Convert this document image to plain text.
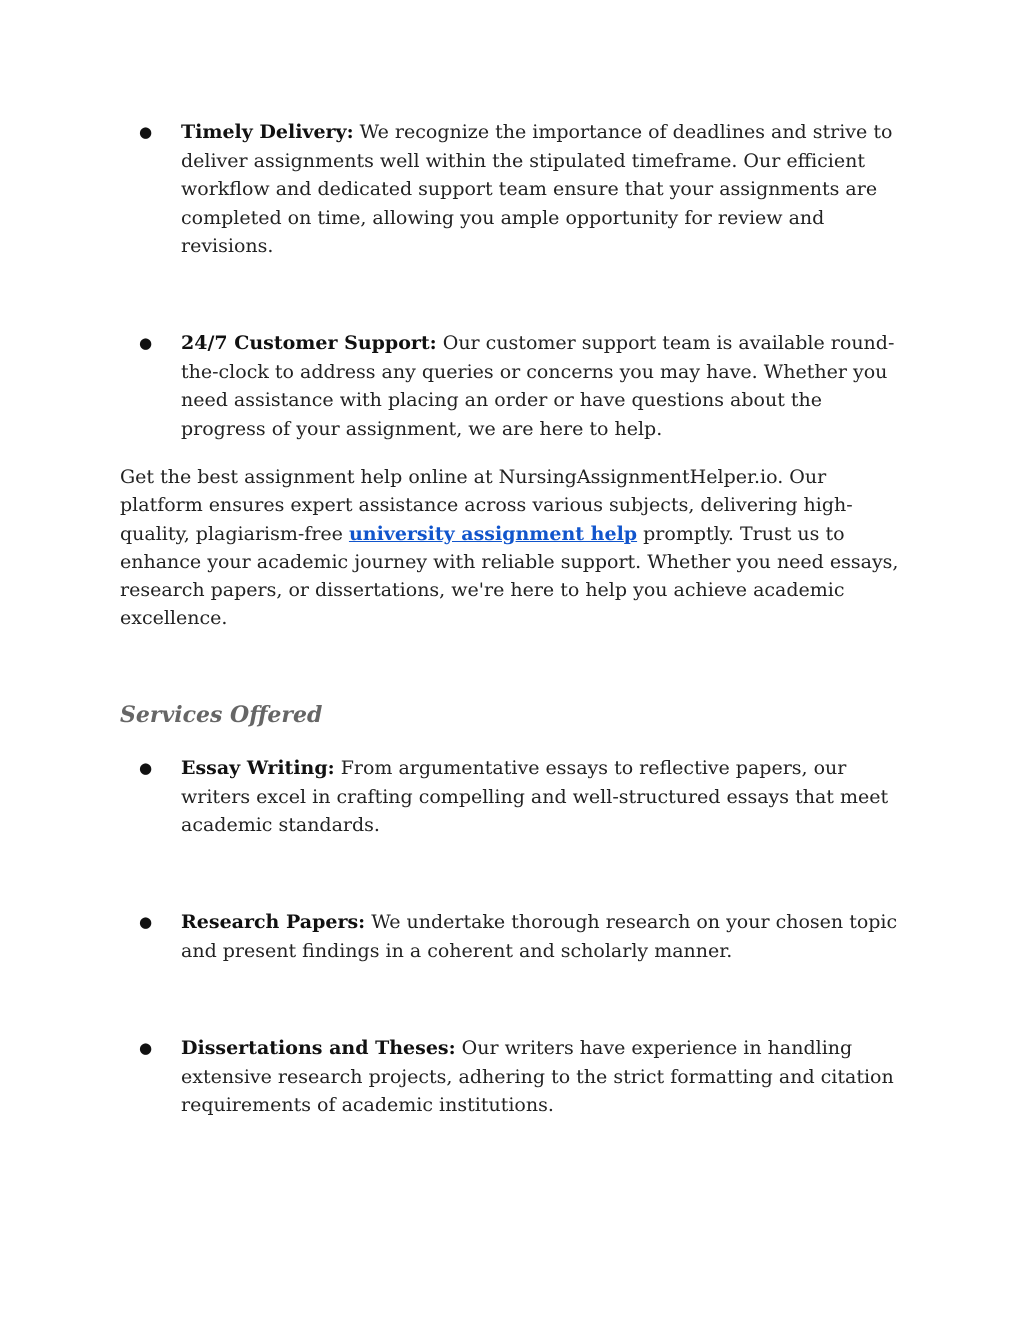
● Timely Delivery: We recognize the importance of deadlines and strive to deliver assignments well within the stipulated timeframe. Our efficient workflow and dedicated support team ensure that your assignments are completed on time, allowing you ample opportunity for review and revisions.
● 24/7 Customer Support: Our customer support team is available round-the-clock to address any queries or concerns you may have. Whether you need assistance with placing an order or have questions about the progress of your assignment, we are here to help.

Get the best assignment help online at NursingAssignmentHelper.io. Our platform ensures expert assistance across various subjects, delivering high-quality, plagiarism-free university assignment help promptly. Trust us to enhance your academic journey with reliable support. Whether you need essays, research papers, or dissertations, we're here to help you achieve academic excellence.

Services Offered
● Essay Writing: From argumentative essays to reflective papers, our writers excel in crafting compelling and well-structured essays that meet academic standards.
● Research Papers: We undertake thorough research on your chosen topic and present findings in a coherent and scholarly manner.
● Dissertations and Theses: Our writers have experience in handling extensive research projects, adhering to the strict formatting and citation requirements of academic institutions.
